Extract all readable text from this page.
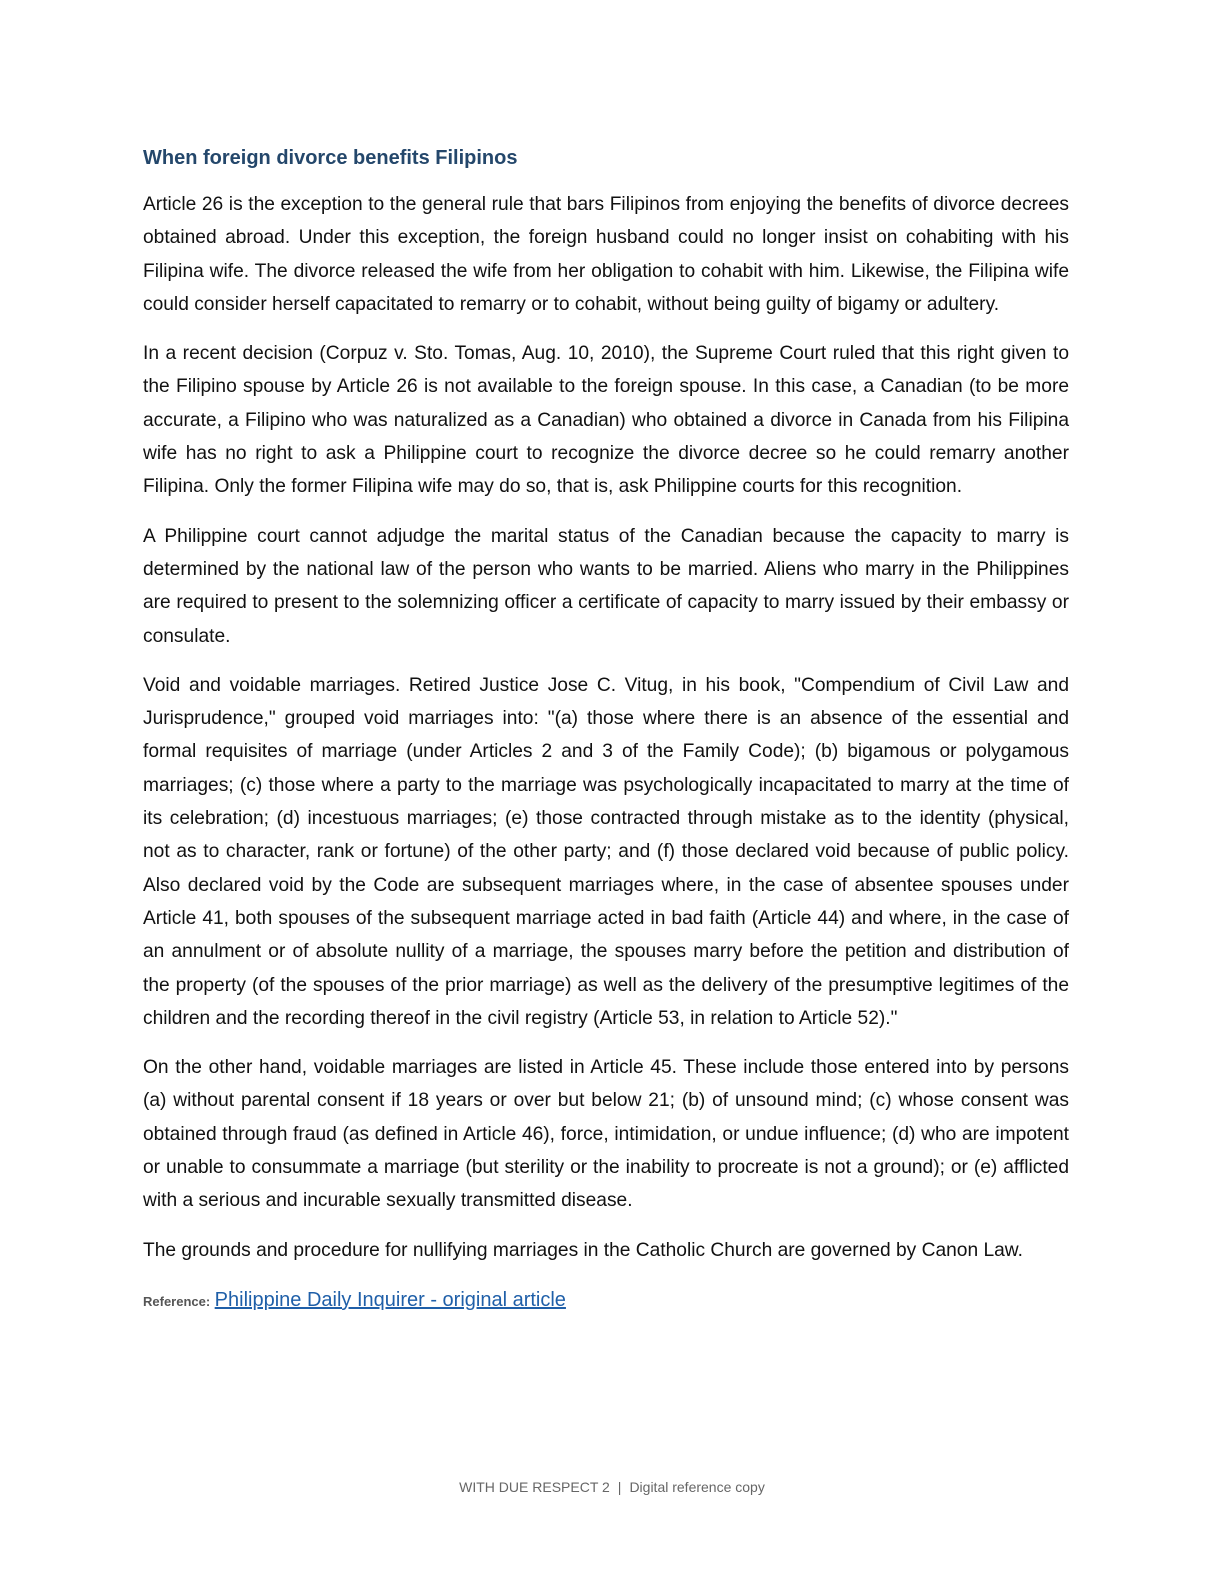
When foreign divorce benefits Filipinos

Article 26 is the exception to the general rule that bars Filipinos from enjoying the benefits of divorce decrees obtained abroad. Under this exception, the foreign husband could no longer insist on cohabiting with his Filipina wife. The divorce released the wife from her obligation to cohabit with him. Likewise, the Filipina wife could consider herself capacitated to remarry or to cohabit, without being guilty of bigamy or adultery.

In a recent decision (Corpuz v. Sto. Tomas, Aug. 10, 2010), the Supreme Court ruled that this right given to the Filipino spouse by Article 26 is not available to the foreign spouse. In this case, a Canadian (to be more accurate, a Filipino who was naturalized as a Canadian) who obtained a divorce in Canada from his Filipina wife has no right to ask a Philippine court to recognize the divorce decree so he could remarry another Filipina. Only the former Filipina wife may do so, that is, ask Philippine courts for this recognition.

A Philippine court cannot adjudge the marital status of the Canadian because the capacity to marry is determined by the national law of the person who wants to be married. Aliens who marry in the Philippines are required to present to the solemnizing officer a certificate of capacity to marry issued by their embassy or consulate.

Void and voidable marriages. Retired Justice Jose C. Vitug, in his book, "Compendium of Civil Law and Jurisprudence," grouped void marriages into: "(a) those where there is an absence of the essential and formal requisites of marriage (under Articles 2 and 3 of the Family Code); (b) bigamous or polygamous marriages; (c) those where a party to the marriage was psychologically incapacitated to marry at the time of its celebration; (d) incestuous marriages; (e) those contracted through mistake as to the identity (physical, not as to character, rank or fortune) of the other party; and (f) those declared void because of public policy. Also declared void by the Code are subsequent marriages where, in the case of absentee spouses under Article 41, both spouses of the subsequent marriage acted in bad faith (Article 44) and where, in the case of an annulment or of absolute nullity of a marriage, the spouses marry before the petition and distribution of the property (of the spouses of the prior marriage) as well as the delivery of the presumptive legitimes of the children and the recording thereof in the civil registry (Article 53, in relation to Article 52)."

On the other hand, voidable marriages are listed in Article 45. These include those entered into by persons (a) without parental consent if 18 years or over but below 21; (b) of unsound mind; (c) whose consent was obtained through fraud (as defined in Article 46), force, intimidation, or undue influence; (d) who are impotent or unable to consummate a marriage (but sterility or the inability to procreate is not a ground); or (e) afflicted with a serious and incurable sexually transmitted disease.

The grounds and procedure for nullifying marriages in the Catholic Church are governed by Canon Law.

Reference: Philippine Daily Inquirer - original article
WITH DUE RESPECT 2 | Digital reference copy
